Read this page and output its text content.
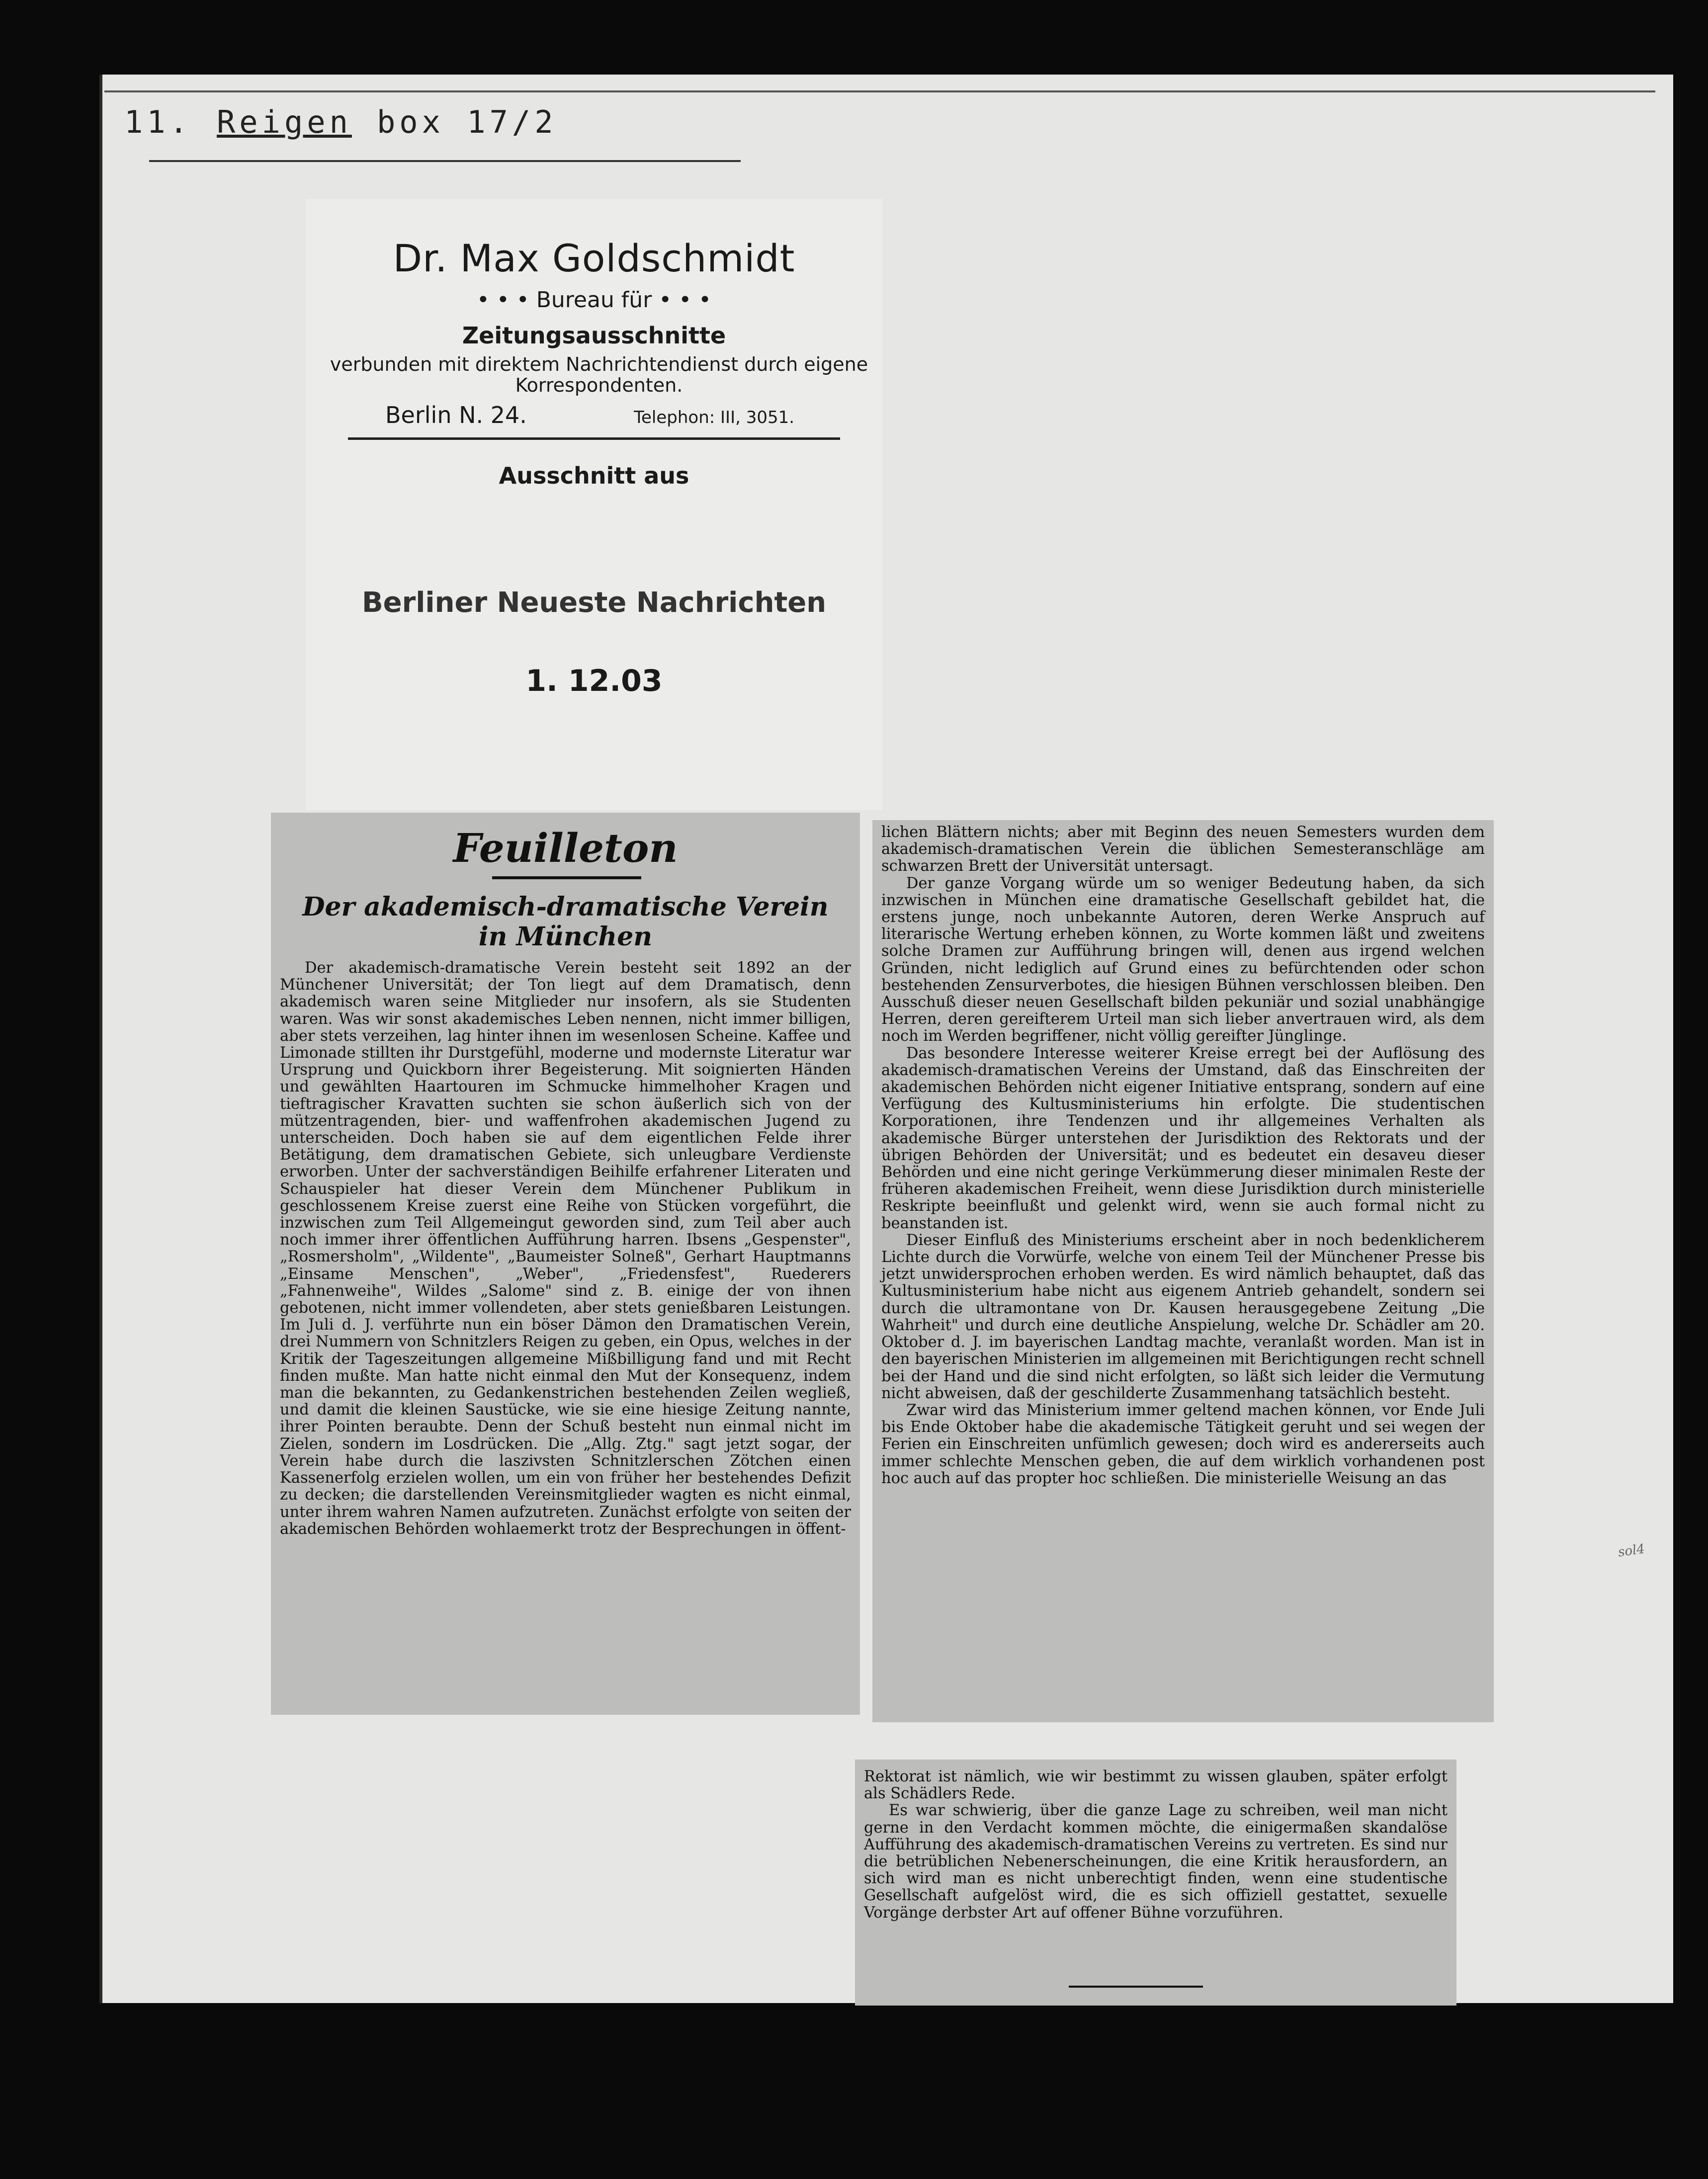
11. Reigen box 17/2
Dr. Max Goldschmidt
• • • Bureau für • • •
Zeitungsausschnitte
verbunden mit direktem Nachrichtendienst durch eigene Korrespondenten.
Berlin N. 24.	Telephon: III, 3051.
Ausschnitt aus
Berliner Neueste Nachrichten
1. 12.03
Feuilleton
Der akademisch-dramatische Verein in München

Der akademisch-dramatische Verein besteht seit 1892 an der Münchener Universität; der Ton liegt auf dem Dramatisch, denn akademisch waren seine Mitglieder nur insofern, als sie Studenten waren. Was wir sonst akademisches Leben nennen, nicht immer billigen, aber stets verzeihen, lag hinter ihnen im wesenlosen Scheine. Kaffee und Limonade stillten ihr Durstgefühl, moderne und modernste Literatur war Ursprung und Quickborn ihrer Begeisterung. Mit soignierten Händen und gewählten Haartouren im Schmucke himmelhoher Kragen und tieftragischer Kravatten suchten sie schon äußerlich sich von der mützentragenden, bier- und waffenfrohen akademischen Jugend zu unterscheiden. Doch haben sie auf dem eigentlichen Felde ihrer Betätigung, dem dramatischen Gebiete, sich unleugbare Verdienste erworben. Unter der sachverständigen Beihilfe erfahrener Literaten und Schauspieler hat dieser Verein dem Münchener Publikum in geschlossenem Kreise zuerst eine Reihe von Stücken vorgeführt, die inzwischen zum Teil Allgemeingut geworden sind, zum Teil aber auch noch immer ihrer öffentlichen Aufführung harren. Ibsens „Gespenster", „Rosmersholm", „Wildente", „Baumeister Solneß", Gerhart Hauptmanns „Einsame Menschen", „Weber", „Friedensfest", Ruederers „Fahnenweihe", Wildes „Salome" sind z. B. einige der von ihnen gebotenen, nicht immer vollendeten, aber stets genießbaren Leistungen. Im Juli d. J. verführte nun ein böser Dämon den Dramatischen Verein, drei Nummern von Schnitzlers Reigen zu geben, ein Opus, welches in der Kritik der Tageszeitungen allgemeine Mißbilligung fand und mit Recht finden mußte. Man hatte nicht einmal den Mut der Konsequenz, indem man die bekannten, zu Gedankenstrichen bestehenden Zeilen wegließ, und damit die kleinen Saustücke, wie sie eine hiesige Zeitung nannte, ihrer Pointen beraubte. Denn der Schuß besteht nun einmal nicht im Zielen, sondern im Losdrücken. Die „Allg. Ztg." sagt jetzt sogar, der Verein habe durch die laszivsten Schnitzlerschen Zötchen einen Kassenerfolg erzielen wollen, um ein von früher her bestehendes Defizit zu decken; die darstellenden Vereinsmitglieder wagten es nicht einmal, unter ihrem wahren Namen aufzutreten. Zunächst erfolgte von seiten der akademischen Behörden wohlaemerkt trotz der Besprechungen in öffent-

lichen Blättern nichts; aber mit Beginn des neuen Semesters wurden dem akademisch-dramatischen Verein die üblichen Semesteranschläge am schwarzen Brett der Universität untersagt.

Der ganze Vorgang würde um so weniger Bedeutung haben, da sich inzwischen in München eine dramatische Gesellschaft gebildet hat, die erstens junge, noch unbekannte Autoren, deren Werke Anspruch auf literarische Wertung erheben können, zu Worte kommen läßt und zweitens solche Dramen zur Aufführung bringen will, denen aus irgend welchen Gründen, nicht lediglich auf Grund eines zu befürchtenden oder schon bestehenden Zensurverbotes, die hiesigen Bühnen verschlossen bleiben. Den Ausschuß dieser neuen Gesellschaft bilden pekuniär und sozial unabhängige Herren, deren gereifterem Urteil man sich lieber anvertrauen wird, als dem noch im Werden begriffener, nicht völlig gereifter Jünglinge.

Das besondere Interesse weiterer Kreise erregt bei der Auflösung des akademisch-dramatischen Vereins der Umstand, daß das Einschreiten der akademischen Behörden nicht eigener Initiative entsprang, sondern auf eine Verfügung des Kultusministeriums hin erfolgte. Die studentischen Korporationen, ihre Tendenzen und ihr allgemeines Verhalten als akademische Bürger unterstehen der Jurisdiktion des Rektorats und der übrigen Behörden der Universität; und es bedeutet ein desaveu dieser Behörden und eine nicht geringe Verkümmerung dieser minimalen Reste der früheren akademischen Freiheit, wenn diese Jurisdiktion durch ministerielle Reskripte beeinflußt und gelenkt wird, wenn sie auch formal nicht zu beanstanden ist.

Dieser Einfluß des Ministeriums erscheint aber in noch bedenklicherem Lichte durch die Vorwürfe, welche von einem Teil der Münchener Presse bis jetzt unwidersprochen erhoben werden. Es wird nämlich behauptet, daß das Kultusministerium habe nicht aus eigenem Antrieb gehandelt, sondern sei durch die ultramontane von Dr. Kausen herausgegebene Zeitung „Die Wahrheit" und durch eine deutliche Anspielung, welche Dr. Schädler am 20. Oktober d. J. im bayerischen Landtag machte, veranlaßt worden. Man ist in den bayerischen Ministerien im allgemeinen mit Berichtigungen recht schnell bei der Hand und die sind nicht erfolgten, so läßt sich leider die Vermutung nicht abweisen, daß der geschilderte Zusammenhang tatsächlich besteht.

Zwar wird das Ministerium immer geltend machen können, vor Ende Juli bis Ende Oktober habe die akademische Tätigkeit geruht und sei wegen der Ferien ein Einschreiten unfümlich gewesen; doch wird es andererseits auch immer schlechte Menschen geben, die auf dem wirklich vorhandenen post hoc auch auf das propter hoc schließen. Die ministerielle Weisung an das

Rektorat ist nämlich, wie wir bestimmt zu wissen glauben, später erfolgt als Schädlers Rede.

Es war schwierig, über die ganze Lage zu schreiben, weil man nicht gerne in den Verdacht kommen möchte, die einigermaßen skandalöse Aufführung des akademisch-dramatischen Vereins zu vertreten. Es sind nur die betrüblichen Nebenerscheinungen, die eine Kritik herausfordern, an sich wird man es nicht unberechtigt finden, wenn eine studentische Gesellschaft aufgelöst wird, die es sich offiziell gestattet, sexuelle Vorgänge derbster Art auf offener Bühne vorzuführen.

sol4
